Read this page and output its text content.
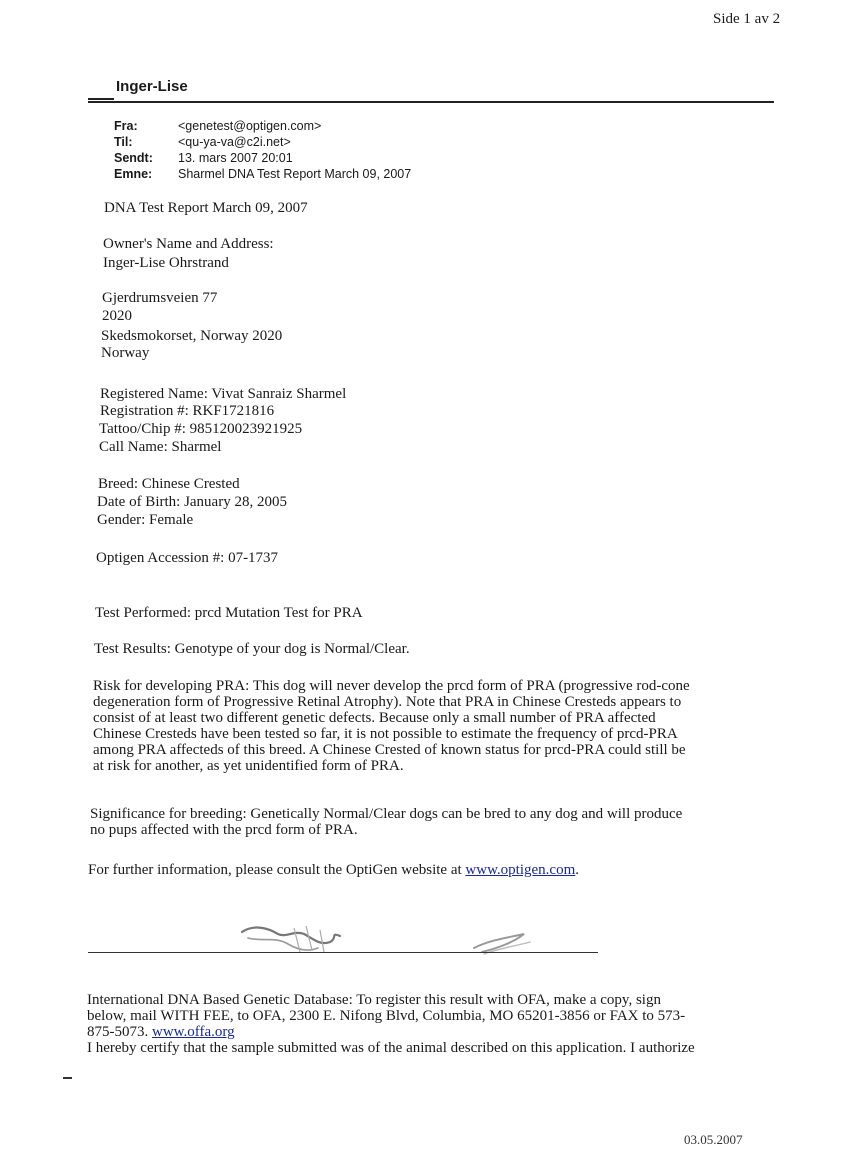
Side 1 av 2
Inger-Lise
Fra:	<genetest@optigen.com>
Til:	<qu-ya-va@c2i.net>
Sendt:	13. mars 2007 20:01
Emne:	Sharmel DNA Test Report March 09, 2007
DNA Test Report March 09, 2007
Owner's Name and Address:
Inger-Lise Ohrstrand
Gjerdrumsveien 77
2020
Skedsmokorset, Norway 2020
Norway
Registered Name: Vivat Sanraiz Sharmel
Registration #: RKF1721816
Tattoo/Chip #: 985120023921925
Call Name: Sharmel
Breed: Chinese Crested
Date of Birth: January 28, 2005
Gender: Female
Optigen Accession #: 07-1737
Test Performed: prcd Mutation Test for PRA
Test Results: Genotype of your dog is Normal/Clear.
Risk for developing PRA: This dog will never develop the prcd form of PRA (progressive rod-cone
degeneration form of Progressive Retinal Atrophy). Note that PRA in Chinese Cresteds appears to
consist of at least two different genetic defects. Because only a small number of PRA affected
Chinese Cresteds have been tested so far, it is not possible to estimate the frequency of prcd-PRA
among PRA affecteds of this breed. A Chinese Crested of known status for prcd-PRA could still be
at risk for another, as yet unidentified form of PRA.
Significance for breeding: Genetically Normal/Clear dogs can be bred to any dog and will produce
no pups affected with the prcd form of PRA.
For further information, please consult the OptiGen website at www.optigen.com.
International DNA Based Genetic Database: To register this result with OFA, make a copy, sign
below, mail WITH FEE, to OFA, 2300 E. Nifong Blvd, Columbia, MO 65201-3856 or FAX to 573-
875-5073. www.offa.org
I hereby certify that the sample submitted was of the animal described on this application. I authorize
03.05.2007
